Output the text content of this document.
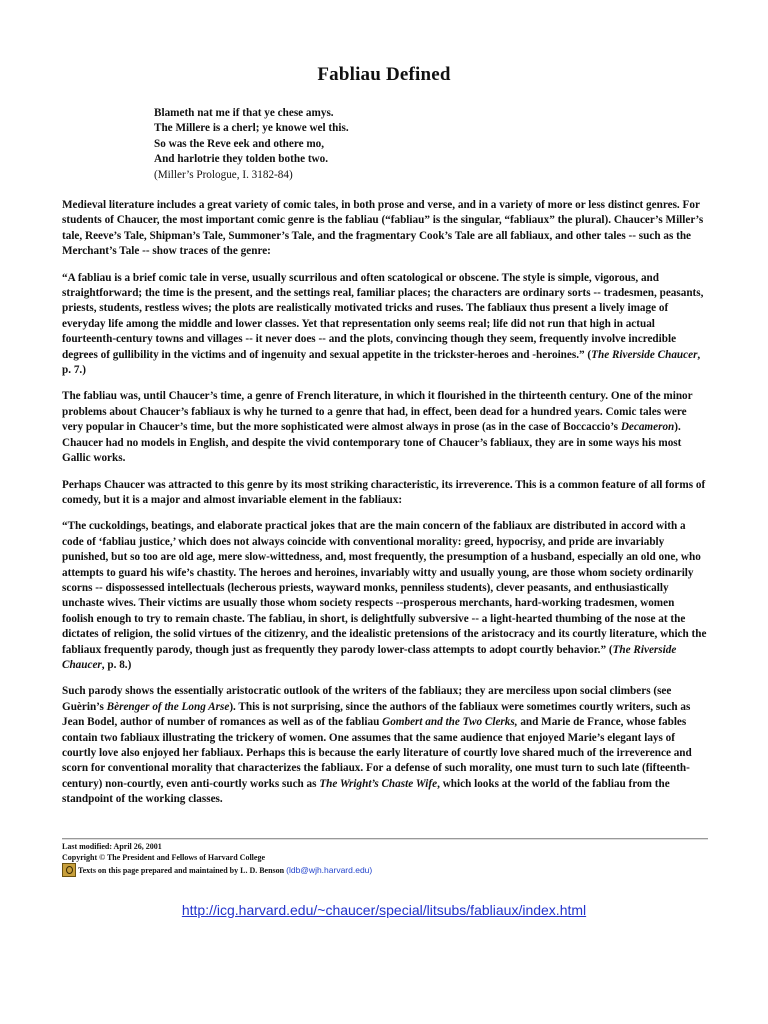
Fabliau Defined
Blameth nat me if that ye chese amys.
The Millere is a cherl; ye knowe wel this.
So was the Reve eek and othere mo,
And harlotrie they tolden bothe two.
(Miller’s Prologue, I. 3182-84)

Medieval literature includes a great variety of comic tales, in both prose and verse, and in a variety of more or less distinct genres. For students of Chaucer, the most important comic genre is the fabliau (“fabliau” is the singular, “fabliaux” the plural). Chaucer’s Miller’s tale, Reeve’s Tale, Shipman’s Tale, Summoner’s Tale, and the fragmentary Cook’s Tale are all fabliaux, and other tales -- such as the Merchant’s Tale -- show traces of the genre:

“A fabliau is a brief comic tale in verse, usually scurrilous and often scatological or obscene. The style is simple, vigorous, and straightforward; the time is the present, and the settings real, familiar places; the characters are ordinary sorts -- tradesmen, peasants, priests, students, restless wives; the plots are realistically motivated tricks and ruses. The fabliaux thus present a lively image of everyday life among the middle and lower classes. Yet that representation only seems real; life did not run that high in actual fourteenth-century towns and villages -- it never does -- and the plots, convincing though they seem, frequently involve incredible degrees of gullibility in the victims and of ingenuity and sexual appetite in the trickster-heroes and -heroines.” (The Riverside Chaucer, p. 7.)

The fabliau was, until Chaucer’s time, a genre of French literature, in which it flourished in the thirteenth century. One of the minor problems about Chaucer’s fabliaux is why he turned to a genre that had, in effect, been dead for a hundred years. Comic tales were very popular in Chaucer’s time, but the more sophisticated were almost always in prose (as in the case of Boccaccio’s Decameron). Chaucer had no models in English, and despite the vivid contemporary tone of Chaucer’s fabliaux, they are in some ways his most Gallic works.

Perhaps Chaucer was attracted to this genre by its most striking characteristic, its irreverence. This is a common feature of all forms of comedy, but it is a major and almost invariable element in the fabliaux:

“The cuckoldings, beatings, and elaborate practical jokes that are the main concern of the fabliaux are distributed in accord with a code of ‘fabliau justice,’ which does not always coincide with conventional morality: greed, hypocrisy, and pride are invariably punished, but so too are old age, mere slow-wittedness, and, most frequently, the presumption of a husband, especially an old one, who attempts to guard his wife’s chastity. The heroes and heroines, invariably witty and usually young, are those whom society ordinarily scorns -- dispossessed intellectuals (lecherous priests, wayward monks, penniless students), clever peasants, and enthusiastically unchaste wives. Their victims are usually those whom society respects --prosperous merchants, hard-working tradesmen, women foolish enough to try to remain chaste. The fabliau, in short, is delightfully subversive -- a light-hearted thumbing of the nose at the dictates of religion, the solid virtues of the citizenry, and the idealistic pretensions of the aristocracy and its courtly literature, which the fabliaux frequently parody, though just as frequently they parody lower-class attempts to adopt courtly behavior.” (The Riverside Chaucer, p. 8.)

Such parody shows the essentially aristocratic outlook of the writers of the fabliaux; they are merciless upon social climbers (see Guèrin’s Bèrenger of the Long Arse). This is not surprising, since the authors of the fabliaux were sometimes courtly writers, such as Jean Bodel, author of number of romances as well as of the fabliau Gombert and the Two Clerks, and Marie de France, whose fables contain two fabliaux illustrating the trickery of women. One assumes that the same audience that enjoyed Marie’s elegant lays of courtly love also enjoyed her fabliaux. Perhaps this is because the early literature of courtly love shared much of the irreverence and scorn for conventional morality that characterizes the fabliaux. For a defense of such morality, one must turn to such late (fifteenth-century) non-courtly, even anti-courtly works such as The Wright’s Chaste Wife, which looks at the world of the fabliau from the standpoint of the working classes.

Last modified: April 26, 2001
Copyright © The President and Fellows of Harvard College
Texts on this page prepared and maintained by L. D. Benson
(ldb@wjh.harvard.edu)
http://icg.harvard.edu/~chaucer/special/litsubs/fabliaux/index.html
